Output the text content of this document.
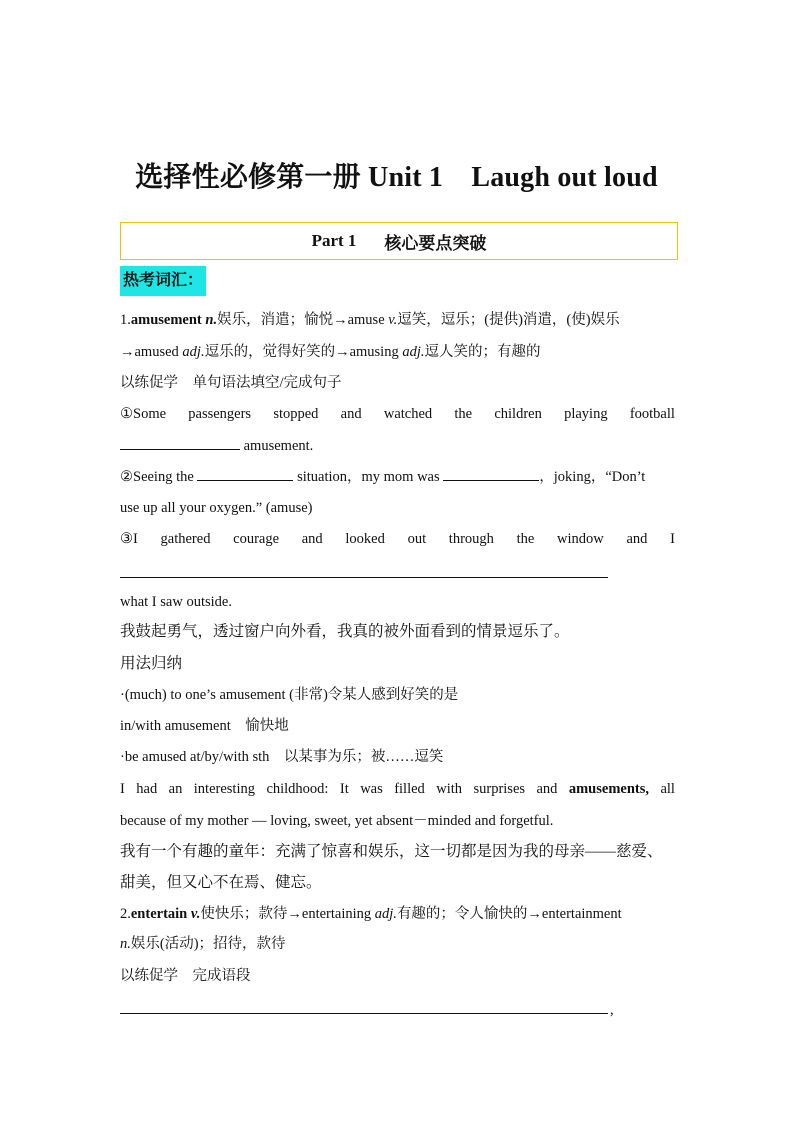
选择性必修第一册 Unit 1　Laugh out loud
Part 1 核心要点突破
热考词汇：
1.amusement n.娱乐，消遣；愉悦→amuse v.逗笑，逗乐；(提供)消遣，(使)娱乐
→amused adj.逗乐的，觉得好笑的→amusing adj.逗人笑的；有趣的
以练促学　单句语法填空/完成句子
①Some passengers stopped and watched the children playing football
amusement.
②Seeing the	situation，my mom was	，joking，“Don’t
use up all your oxygen.” (amuse)
③I gathered courage and looked out through the window and I
what I saw outside.
我鼓起勇气，透过窗户向外看，我真的被外面看到的情景逗乐了。
用法归纳
·(much) to one’s amusement (非常)令某人感到好笑的是
in/with amusement　愉快地
·be amused at/by/with sth　以某事为乐；被……逗笑
I had an interesting childhood: It was filled with surprises and amusements, all
because of my mother — loving, sweet, yet absent－minded and forgetful.
我有一个有趣的童年：充满了惊喜和娱乐，这一切都是因为我的母亲——慈爱、
甜美，但又心不在焉、健忘。
2.entertain v.使快乐；款待→entertaining adj.有趣的；令人愉快的→entertainment
n.娱乐(活动)；招待，款待
以练促学　完成语段
,
